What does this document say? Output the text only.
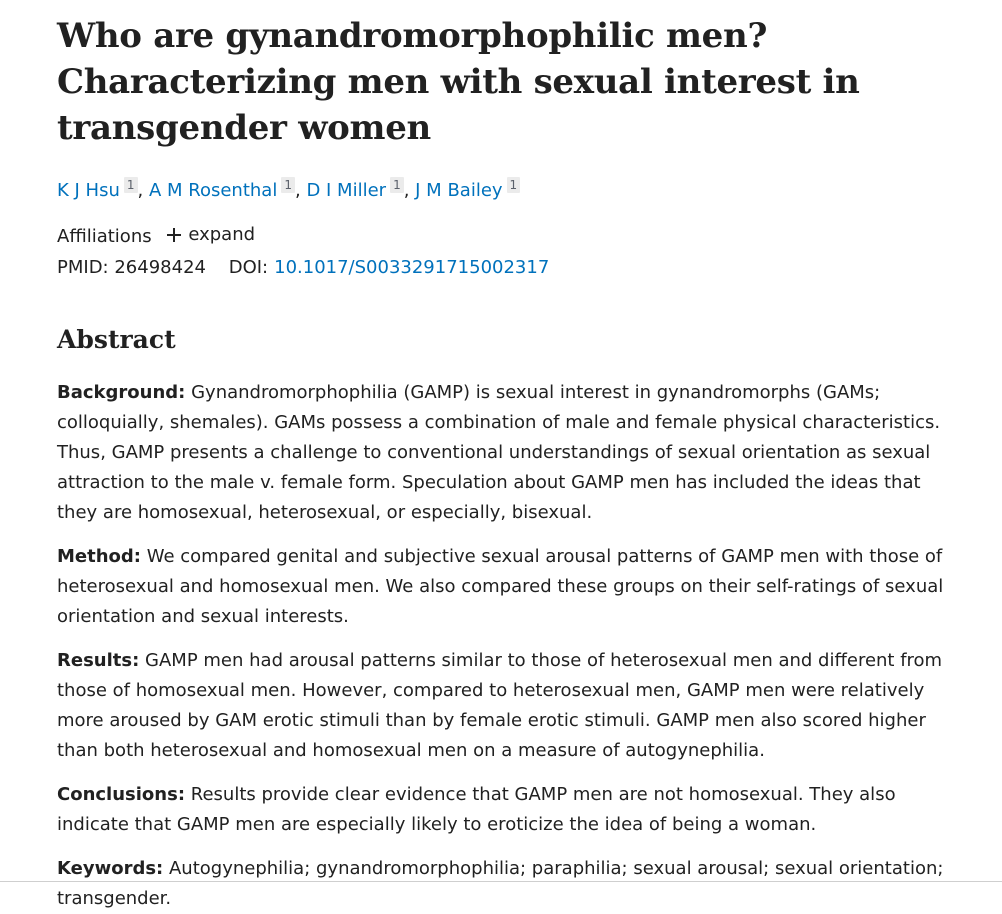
Who are gynandromorphophilic men? Characterizing men with sexual interest in transgender women
K J Hsu 1 , A M Rosenthal 1 , D I Miller 1 , J M Bailey 1
Affiliations expand
PMID: 26498424 DOI: 10.1017/S0033291715002317
Abstract

Background: Gynandromorphophilia (GAMP) is sexual interest in gynandromorphs (GAMs; colloquially, shemales). GAMs possess a combination of male and female physical characteristics. Thus, GAMP presents a challenge to conventional understandings of sexual orientation as sexual attraction to the male v. female form. Speculation about GAMP men has included the ideas that they are homosexual, heterosexual, or especially, bisexual.

Method: We compared genital and subjective sexual arousal patterns of GAMP men with those of heterosexual and homosexual men. We also compared these groups on their self-ratings of sexual orientation and sexual interests.

Results: GAMP men had arousal patterns similar to those of heterosexual men and different from those of homosexual men. However, compared to heterosexual men, GAMP men were relatively more aroused by GAM erotic stimuli than by female erotic stimuli. GAMP men also scored higher than both heterosexual and homosexual men on a measure of autogynephilia.

Conclusions: Results provide clear evidence that GAMP men are not homosexual. They also indicate that GAMP men are especially likely to eroticize the idea of being a woman.

Keywords: Autogynephilia; gynandromorphophilia; paraphilia; sexual arousal; sexual orientation; transgender.
